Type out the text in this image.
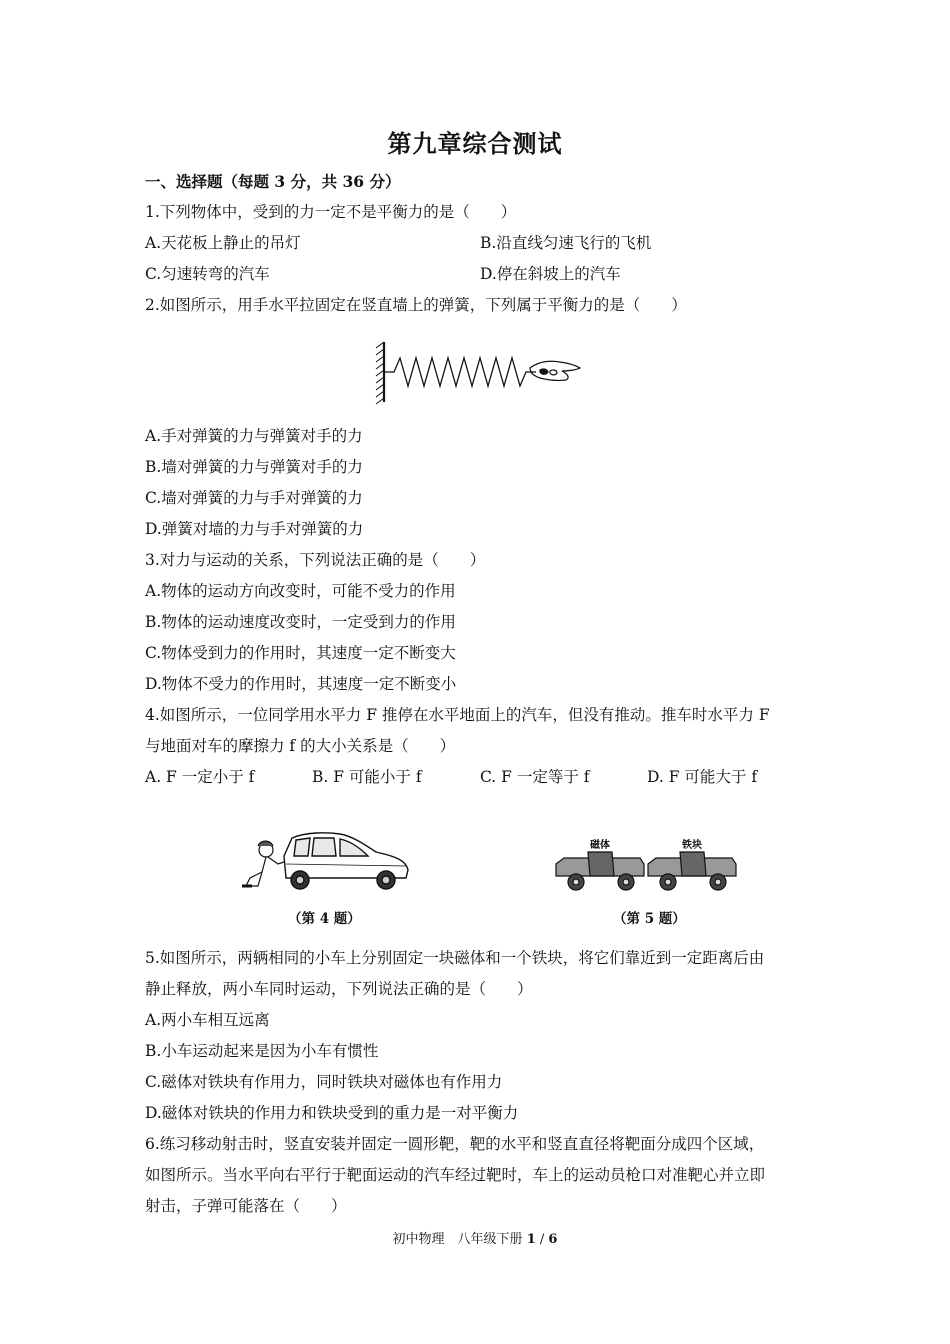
第九章综合测试
一、选择题（每题 3 分，共 36 分）
1.下列物体中，受到的力一定不是平衡力的是（　　）
A.天花板上静止的吊灯	B.沿直线匀速飞行的飞机
C.匀速转弯的汽车	D.停在斜坡上的汽车
2.如图所示，用手水平拉固定在竖直墙上的弹簧，下列属于平衡力的是（　　）
A.手对弹簧的力与弹簧对手的力
B.墙对弹簧的力与弹簧对手的力
C.墙对弹簧的力与手对弹簧的力
D.弹簧对墙的力与手对弹簧的力
3.对力与运动的关系，下列说法正确的是（　　）
A.物体的运动方向改变时，可能不受力的作用
B.物体的运动速度改变时，一定受到力的作用
C.物体受到力的作用时，其速度一定不断变大
D.物体不受力的作用时，其速度一定不断变小
4.如图所示，一位同学用水平力 F 推停在水平地面上的汽车，但没有推动。推车时水平力 F
与地面对车的摩擦力 f 的大小关系是（　　）
A. F 一定小于 f	B. F 可能小于 f	C. F 一定等于 f	D. F 可能大于 f
（第 4 题）
磁体	铁块
（第 5 题）
5.如图所示，两辆相同的小车上分别固定一块磁体和一个铁块，将它们靠近到一定距离后由
静止释放，两小车同时运动，下列说法正确的是（　　）
A.两小车相互远离
B.小车运动起来是因为小车有惯性
C.磁体对铁块有作用力，同时铁块对磁体也有作用力
D.磁体对铁块的作用力和铁块受到的重力是一对平衡力
6.练习移动射击时，竖直安装并固定一圆形靶，靶的水平和竖直直径将靶面分成四个区域，
如图所示。当水平向右平行于靶面运动的汽车经过靶时，车上的运动员枪口对准靶心并立即
射击，子弹可能落在（　　）
初中物理　八年级下册 1 / 6
